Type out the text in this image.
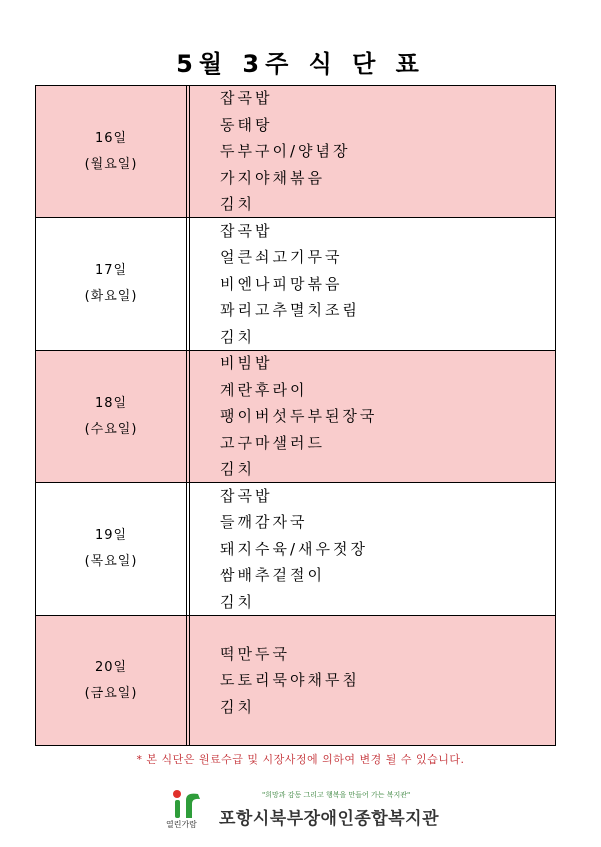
5월 3주 식 단 표
16일
(월요일)
잡곡밥
동태탕
두부구이/양념장
가지야채볶음
김치
17일
(화요일)
잡곡밥
얼큰쇠고기무국
비엔나피망볶음
꽈리고추멸치조림
김치
18일
(수요일)
비빔밥
계란후라이
팽이버섯두부된장국
고구마샐러드
김치
19일
(목요일)
잡곡밥
들깨감자국
돼지수육/새우젓장
쌈배추겉절이
김치
20일
(금요일)
떡만두국
도토리묵야채무침
김치
* 본 식단은 원료수급 및 시장사정에 의하여 변경 될 수 있습니다.
열린가람
"희망과 감동 그리고 행복을 만들어 가는 복지관"
포항시북부장애인종합복지관
